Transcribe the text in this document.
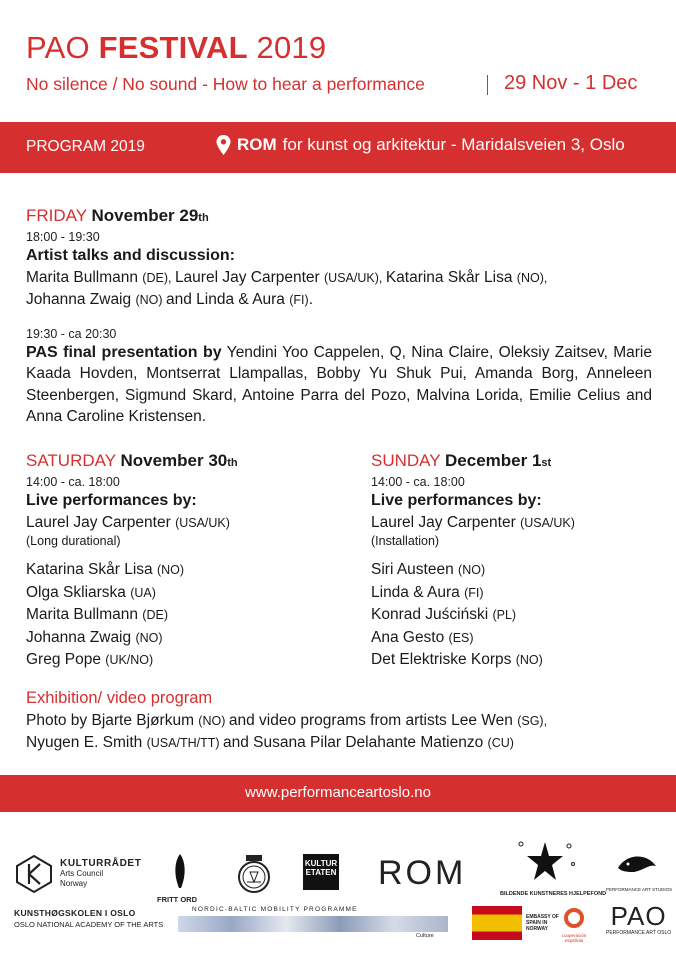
PAO FESTIVAL 2019
No silence / No sound - How to hear a performance	29 Nov - 1 Dec
PROGRAM 2019	ROM for kunst og arkitektur - Maridalsveien 3, Oslo
FRIDAY November 29th
18:00 - 19:30
Artist talks and discussion:
Marita Bullmann (DE), Laurel Jay Carpenter (USA/UK), Katarina Skår Lisa (NO),
Johanna Zwaig (NO) and Linda & Aura (FI).
19:30 - ca 20:30
PAS final presentation by Yendini Yoo Cappelen, Q, Nina Claire, Oleksiy Zaitsev, Marie Kaada Hovden, Montserrat Llampallas, Bobby Yu Shuk Pui, Amanda Borg, Anneleen Steenbergen, Sigmund Skard, Antoine Parra del Pozo, Malvina Lorida, Emilie Celius and Anna Caroline Kristensen.
SATURDAY November 30th
14:00 - ca. 18:00
Live performances by:
Laurel Jay Carpenter (USA/UK)
(Long durational)
Katarina Skår Lisa (NO)
Olga Skliarska (UA)
Marita Bullmann (DE)
Johanna Zwaig (NO)
Greg Pope (UK/NO)
SUNDAY December 1st
14:00 - ca. 18:00
Live performances by:
Laurel Jay Carpenter (USA/UK)
(Installation)
Siri Austeen (NO)
Linda & Aura (FI)
Konrad Juściński (PL)
Ana Gesto (ES)
Det Elektriske Korps (NO)
Exhibition/ video program
Photo by Bjarte Bjørkum (NO) and video programs from artists Lee Wen (SG),
Nyugen E. Smith (USA/TH/TT) and Susana Pilar Delahante Matienzo (CU)
www.performanceartoslo.no
KULTURRÅDET
Arts Council
Norway
FRITT ORD
KULTUR ETATEN ROM
BILDENDE KUNSTNERES HJELPEFOND
PERFORMANCE ART STUDIOS
KUNSTHØGSKOLEN I OSLO
OSLO NATIONAL ACADEMY OF THE ARTS
NORDIC-BALTIC MOBILITY PROGRAMME
Culture
EMBASSY OF SPAIN IN NORWAY
cooperación española
PAO
PERFORMANCE ART OSLO
